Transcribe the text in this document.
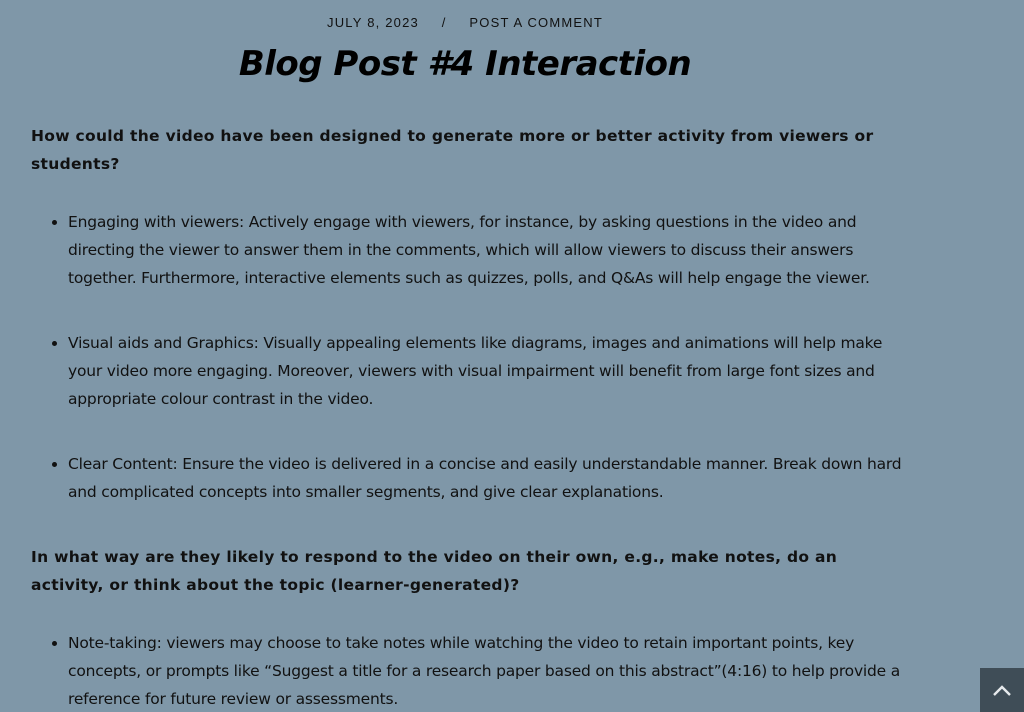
JULY 8, 2023 / POST A COMMENT
Blog Post #4 Interaction

How could the video have been designed to generate more or better activity from viewers or students?

• Engaging with viewers: Actively engage with viewers, for instance, by asking questions in the video and directing the viewer to answer them in the comments, which will allow viewers to discuss their answers together. Furthermore, interactive elements such as quizzes, polls, and Q&As will help engage the viewer.
• Visual aids and Graphics: Visually appealing elements like diagrams, images and animations will help make your video more engaging. Moreover, viewers with visual impairment will benefit from large font sizes and appropriate colour contrast in the video.
• Clear Content: Ensure the video is delivered in a concise and easily understandable manner. Break down hard and complicated concepts into smaller segments, and give clear explanations.

In what way are they likely to respond to the video on their own, e.g., make notes, do an activity, or think about the topic (learner-generated)?

• Note-taking: viewers may choose to take notes while watching the video to retain important points, key concepts, or prompts like “Suggest a title for a research paper based on this abstract”(4:16) to help provide a reference for future review or assessments.
